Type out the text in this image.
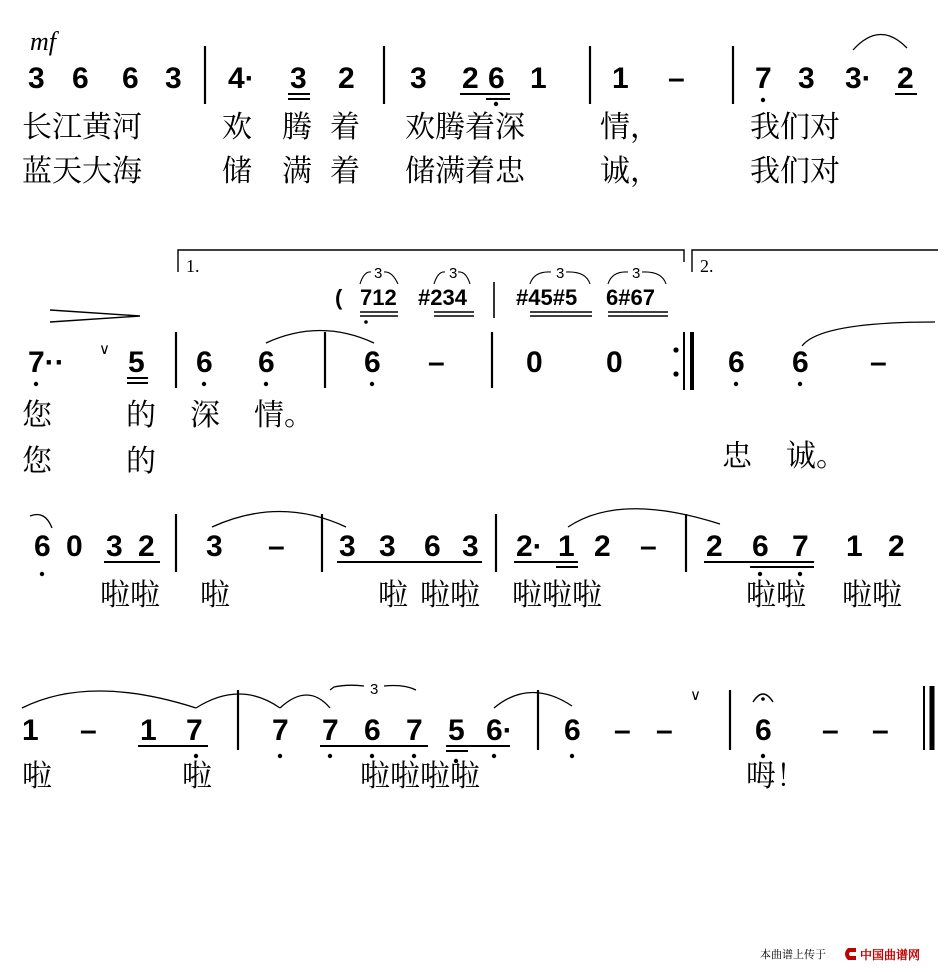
mf
3 6 6 3 4· 3 2 3 2 6 1 1 – 7 3 3· 2
长江黄河	欢 腾 着 欢腾着深	情，	我们对
蓝天大海	储 满 着 储满着忠	诚，	我们对
1.	2.
( 712 #234 #45#5 6#67
3	3	3	3
7·· ∨ 5 6 6	6 –	0 0	6 6 –
您 的 深 情。
您 的	忠 诚。
6 0 3 2 3 – 3 3 6 3 2· 1 2 – 2 6 7 1 2
啦啦 啦	啦 啦啦 啦啦啦	啦啦 啦啦
1 – 1 7 7 7 6 7 5 6· 6 – –
∨
6 – –
3
啦	啦	啦啦啦啦	呣！
本曲谱上传于	中国曲谱网
